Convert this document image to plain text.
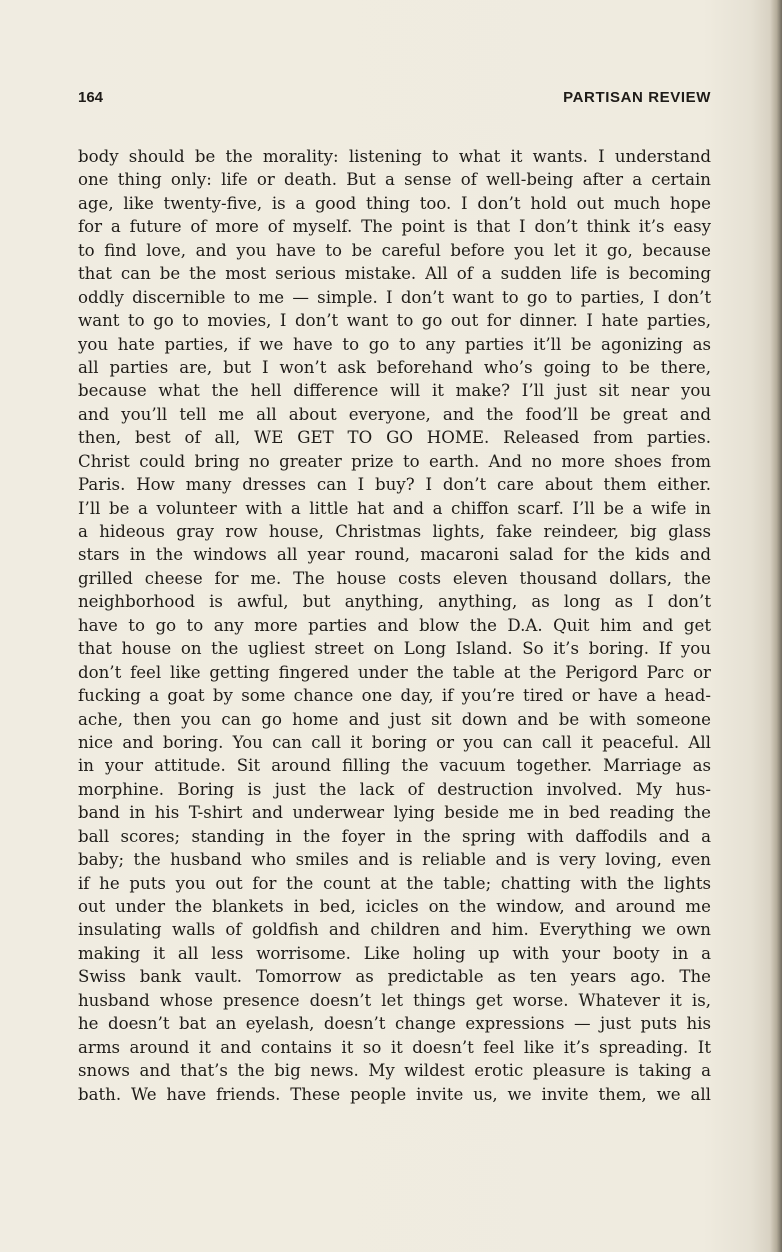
164	PARTISAN REVIEW
body should be the morality: listening to what it wants. I understand
one thing only: life or death. But a sense of well-being after a certain
age, like twenty-five, is a good thing too. I don’t hold out much hope
for a future of more of myself. The point is that I don’t think it’s easy
to find love, and you have to be careful before you let it go, because
that can be the most serious mistake. All of a sudden life is becoming
oddly discernible to me — simple. I don’t want to go to parties, I don’t
want to go to movies, I don’t want to go out for dinner. I hate parties,
you hate parties, if we have to go to any parties it’ll be agonizing as
all parties are, but I won’t ask beforehand who’s going to be there,
because what the hell difference will it make? I’ll just sit near you
and you’ll tell me all about everyone, and the food’ll be great and
then, best of all, WE GET TO GO HOME. Released from parties.
Christ could bring no greater prize to earth. And no more shoes from
Paris. How many dresses can I buy? I don’t care about them either.
I’ll be a volunteer with a little hat and a chiffon scarf. I’ll be a wife in
a hideous gray row house, Christmas lights, fake reindeer, big glass
stars in the windows all year round, macaroni salad for the kids and
grilled cheese for me. The house costs eleven thousand dollars, the
neighborhood is awful, but anything, anything, as long as I don’t
have to go to any more parties and blow the D.A. Quit him and get
that house on the ugliest street on Long Island. So it’s boring. If you
don’t feel like getting fingered under the table at the Perigord Parc or
fucking a goat by some chance one day, if you’re tired or have a head-
ache, then you can go home and just sit down and be with someone
nice and boring. You can call it boring or you can call it peaceful. All
in your attitude. Sit around filling the vacuum together. Marriage as
morphine. Boring is just the lack of destruction involved. My hus-
band in his T-shirt and underwear lying beside me in bed reading the
ball scores; standing in the foyer in the spring with daffodils and a
baby; the husband who smiles and is reliable and is very loving, even
if he puts you out for the count at the table; chatting with the lights
out under the blankets in bed, icicles on the window, and around me
insulating walls of goldfish and children and him. Everything we own
making it all less worrisome. Like holing up with your booty in a
Swiss bank vault. Tomorrow as predictable as ten years ago. The
husband whose presence doesn’t let things get worse. Whatever it is,
he doesn’t bat an eyelash, doesn’t change expressions — just puts his
arms around it and contains it so it doesn’t feel like it’s spreading. It
snows and that’s the big news. My wildest erotic pleasure is taking a
bath. We have friends. These people invite us, we invite them, we all
